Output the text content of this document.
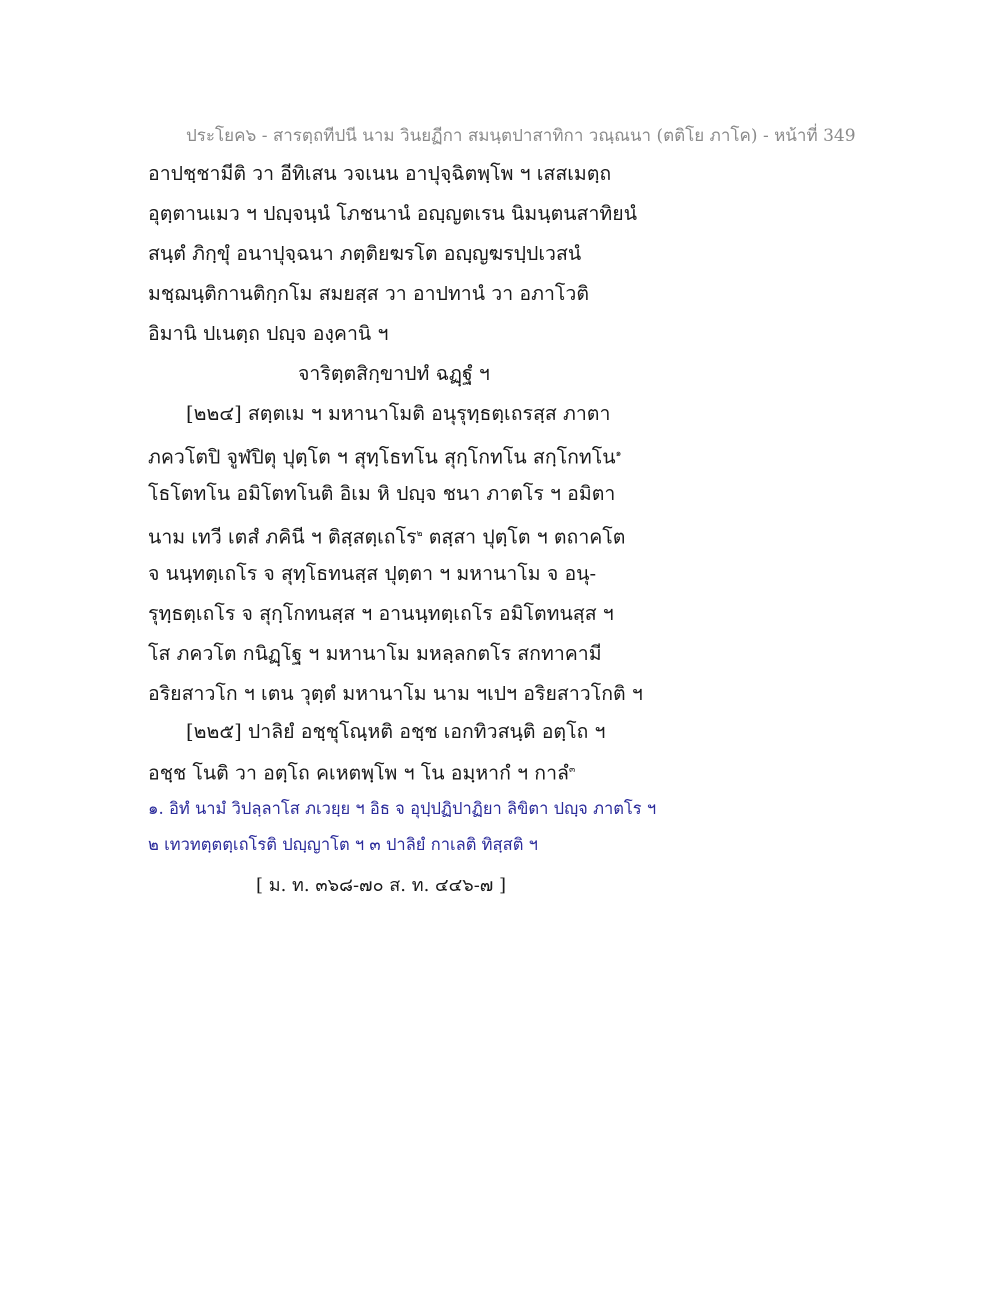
ประโยค๖ - สารตฺถทีปนี นาม วินยฏีกา สมนฺตปาสาทิกา วณฺณนา (ตติโย ภาโค) - หน้าที่ 349
อาปชฺชามีติ วา อีทิเสน วจเนน อาปุจฺฉิตพฺโพ ฯ เสสเมตฺถ
อุตฺตานเมว ฯ ปญฺจนฺนํ โภชนานํ อญฺญตเรน นิมนฺตนสาทิยนํ
สนฺตํ ภิกฺขุํ อนาปุจฺฉนา ภตฺติยฆรโต อญฺญฆรปฺปเวสนํ
มชฺฌนฺติกานติกฺกโม สมยสฺส วา อาปทานํ วา อภาโวติ
อิมานิ ปเนตฺถ ปญฺจ องฺคานิ ฯ
จาริตฺตสิกฺขาปทํ ฉฏฺฐํ ฯ
[๒๒๔] สตฺตเม ฯ มหานาโมติ อนุรุทฺธตฺเถรสฺส ภาตา
ภควโตปิ จูฬปิตุ ปุตฺโต ฯ สุทฺโธทโน สุกฺโกทโน สกฺโกทโน$^๑$
โธโตทโน อมิโตทโนติ อิเม หิ ปญฺจ ชนา ภาตโร ฯ อมิตา
นาม เทวี เตสํ ภคินี ฯ ติสฺสตฺเถโร$^๒$ ตสฺสา ปุตฺโต ฯ ตถาคโต
จ นนฺทตฺเถโร จ สุทฺโธทนสฺส ปุตฺตา ฯ มหานาโม จ อนุ-
รุทฺธตฺเถโร จ สุกฺโกทนสฺส ฯ อานนฺทตฺเถโร อมิโตทนสฺส ฯ
โส ภควโต กนิฏฺโฐ ฯ มหานาโม มหลฺลกตโร สกทาคามี
อริยสาวโก ฯ เตน วุตฺตํ มหานาโม นาม ฯเปฯ อริยสาวโกติ ฯ
[๒๒๕] ปาลิยํ อชฺชุโณฺหติ อชฺช เอกทิวสนฺติ อตฺโถ ฯ
อชฺช โนติ วา อตฺโถ คเหตพฺโพ ฯ โน อมฺหากํ ฯ กาลํ$^๓$
๑. อิทํ นามํ วิปลฺลาโส ภเวยฺย ฯ อิธ จ อุปฺปฏิปาฏิยา ลิขิตา ปญฺจ ภาตโร ฯ
๒ เทวทตฺตตฺเถโรติ ปญฺญาโต ฯ ๓ ปาลิยํ กาเลติ ทิสฺสติ ฯ
[ ม. ท. ๓๖๘-๗๐ ส. ท. ๔๔๖-๗ ]
